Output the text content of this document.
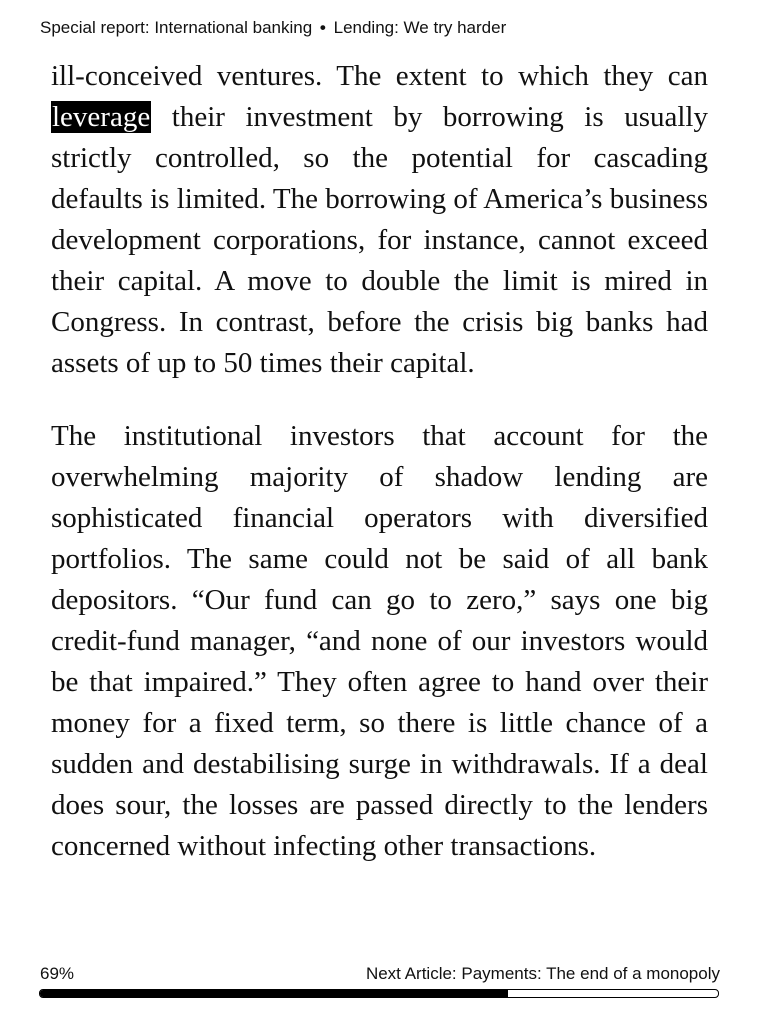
Special report: International banking • Lending: We try harder

ill-conceived ventures. The extent to which they can leverage their investment by borrowing is usually strictly controlled, so the potential for cascading defaults is limited. The borrowing of America’s business development corporations, for instance, cannot exceed their capital. A move to double the limit is mired in Congress. In contrast, before the crisis big banks had assets of up to 50 times their capital.

The institutional investors that account for the overwhelming majority of shadow lending are sophisticated financial operators with diversified portfolios. The same could not be said of all bank depositors. “Our fund can go to zero,” says one big credit-fund manager, “and none of our investors would be that impaired.” They often agree to hand over their money for a fixed term, so there is little chance of a sudden and destabilising surge in withdrawals. If a deal does sour, the losses are passed directly to the lenders concerned without infecting other transactions.

69%	Next Article: Payments: The end of a monopoly
